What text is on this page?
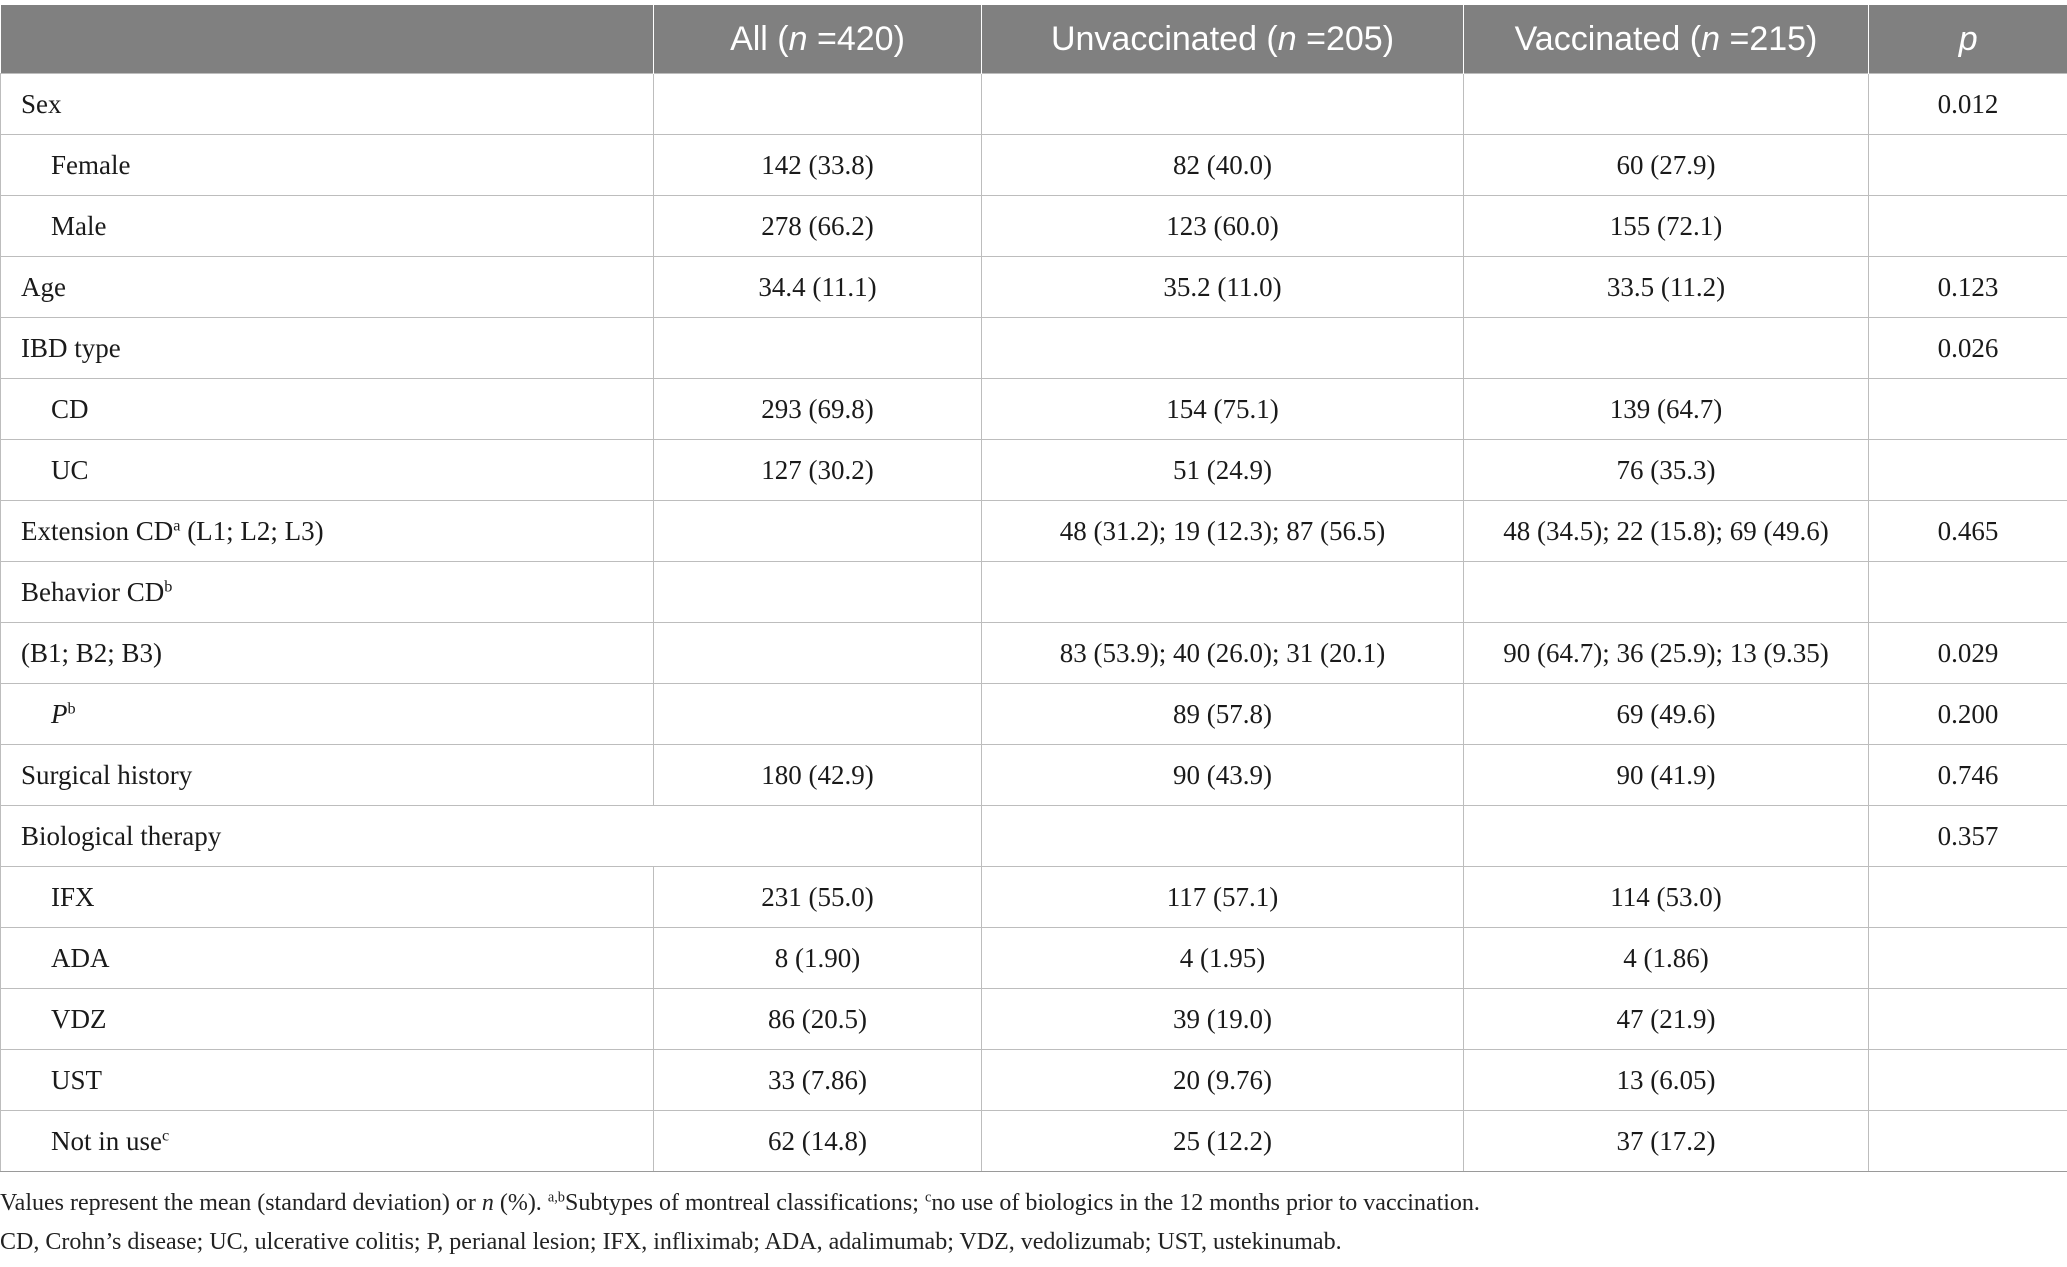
	All (n =420)	Unvaccinated (n =205)	Vaccinated (n =215)	p
Sex				0.012
Female	142 (33.8)	82 (40.0)	60 (27.9)	
Male	278 (66.2)	123 (60.0)	155 (72.1)	
Age	34.4 (11.1)	35.2 (11.0)	33.5 (11.2)	0.123
IBD type				0.026
CD	293 (69.8)	154 (75.1)	139 (64.7)	
UC	127 (30.2)	51 (24.9)	76 (35.3)	
Extension $CD^a$ (L1; L2; L3)		48 (31.2); 19 (12.3); 87 (56.5)	48 (34.5); 22 (15.8); 69 (49.6)	0.465
Behavior $CD^b$				
(B1; B2; B3)		83 (53.9); 40 (26.0); 31 (20.1)	90 (64.7); 36 (25.9); 13 (9.35)	0.029
$P^b$		89 (57.8)	69 (49.6)	0.200
Surgical history	180 (42.9)	90 (43.9)	90 (41.9)	0.746
Biological therapy				0.357
IFX	231 (55.0)	117 (57.1)	114 (53.0)	
ADA	8 (1.90)	4 (1.95)	4 (1.86)	
VDZ	86 (20.5)	39 (19.0)	47 (21.9)	
UST	33 (7.86)	20 (9.76)	13 (6.05)	
Not in use$^c$	62 (14.8)	25 (12.2)	37 (17.2)	
Values represent the mean (standard deviation) or n (%). $^{a,b}$Subtypes of montreal classifications; $^c$no use of biologics in the 12 months prior to vaccination.
CD, Crohn’s disease; UC, ulcerative colitis; P, perianal lesion; IFX, infliximab; ADA, adalimumab; VDZ, vedolizumab; UST, ustekinumab.
